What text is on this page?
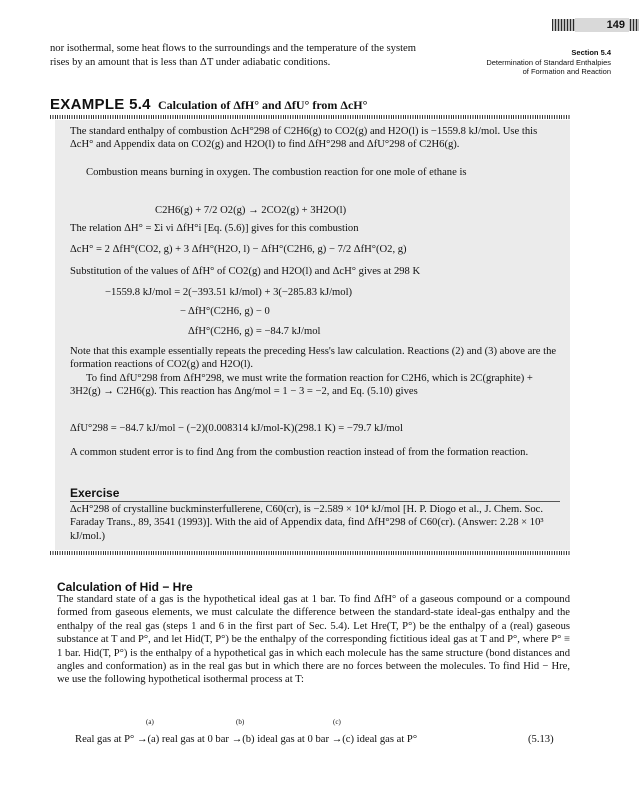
149
Section 5.4
Determination of Standard Enthalpies
of Formation and Reaction
nor isothermal, some heat flows to the surroundings and the temperature of the system
rises by an amount that is less than ΔT under adiabatic conditions.
EXAMPLE 5.4 Calculation of ΔfH° and ΔfU° from ΔcH°
The standard enthalpy of combustion ΔcH°298 of C2H6(g) to CO2(g) and H2O(l) is −1559.8 kJ/mol. Use this ΔcH° and Appendix data on CO2(g) and H2O(l) to find ΔfH°298 and ΔfU°298 of C2H6(g).
Combustion means burning in oxygen. The combustion reaction for one mole of ethane is
C2H6(g) + 7/2 O2(g) → 2CO2(g) + 3H2O(l)
The relation ΔH° = Σi νi ΔfH°i [Eq. (5.6)] gives for this combustion
ΔcH° = 2 ΔfH°(CO2, g) + 3 ΔfH°(H2O, l) − ΔfH°(C2H6, g) − 7/2 ΔfH°(O2, g)
Substitution of the values of ΔfH° of CO2(g) and H2O(l) and ΔcH° gives at 298 K
−1559.8 kJ/mol = 2(−393.51 kJ/mol) + 3(−285.83 kJ/mol)
− ΔfH°(C2H6, g) − 0
ΔfH°(C2H6, g) = −84.7 kJ/mol
Note that this example essentially repeats the preceding Hess's law calculation. Reactions (2) and (3) above are the formation reactions of CO2(g) and H2O(l).
To find ΔfU°298 from ΔfH°298, we must write the formation reaction for C2H6, which is 2C(graphite) + 3H2(g) → C2H6(g). This reaction has Δng/mol = 1 − 3 = −2, and Eq. (5.10) gives
ΔfU°298 = −84.7 kJ/mol − (−2)(0.008314 kJ/mol-K)(298.1 K) = −79.7 kJ/mol
A common student error is to find Δng from the combustion reaction instead of from the formation reaction.
Exercise
ΔcH°298 of crystalline buckminsterfullerene, C60(cr), is −2.589 × 10⁴ kJ/mol [H. P. Diogo et al., J. Chem. Soc. Faraday Trans., 89, 3541 (1993)]. With the aid of Appendix data, find ΔfH°298 of C60(cr). (Answer: 2.28 × 10³ kJ/mol.)
Calculation of Hid − Hre
The standard state of a gas is the hypothetical ideal gas at 1 bar. To find ΔfH° of a gaseous compound or a compound formed from gaseous elements, we must calculate the difference between the standard-state ideal-gas enthalpy and the enthalpy of the real gas (steps 1 and 6 in the first part of Sec. 5.4). Let Hre(T, P°) be the enthalpy of a (real) gaseous substance at T and P°, and let Hid(T, P°) be the enthalpy of the corresponding fictitious ideal gas at T and P°, where P° ≡ 1 bar. Hid(T, P°) is the enthalpy of a hypothetical gas in which each molecule has the same structure (bond distances and angles and conformation) as in the real gas but in which there are no forces between the molecules. To find Hid − Hre, we use the following hypothetical isothermal process at T:
(a)	(b)	(c)
Real gas at P° →(a) real gas at 0 bar →(b) ideal gas at 0 bar →(c) ideal gas at P°	(5.13)
